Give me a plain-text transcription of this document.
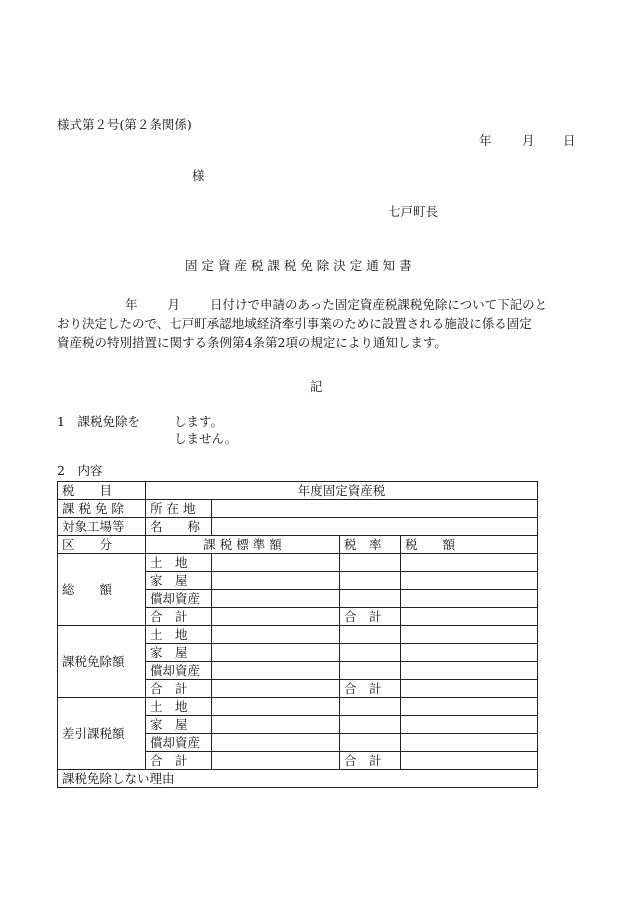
様式第２号(第２条関係)
年 月 日
様
七戸町長
固 定 資 産 税 課 税 免 除 決 定 通 知 書
年 月 日付けで申請のあった固定資産税課税免除について下記のと
おり決定したので、七戸町承認地域経済牽引事業のために設置される施設に係る固定
資産税の特別措置に関する条例第4条第2項の規定により通知します。
記
1　課税免除を	します。
しません。
2　内容
税　　目	年度固定資産税			
課 税 免 除	所 在 地			
対象工場等	名　　称			
区　　分	課 税 標 準 額		税　率	税　　額
総　　額	土　地			
	家　屋			
	償却資産			
	合　計		合　計	
課税免除額	土　地			
	家　屋			
	償却資産			
	合　計		合　計	
差引課税額	土　地			
	家　屋			
	償却資産			
	合　計		合　計	
課税免除しない理由				
